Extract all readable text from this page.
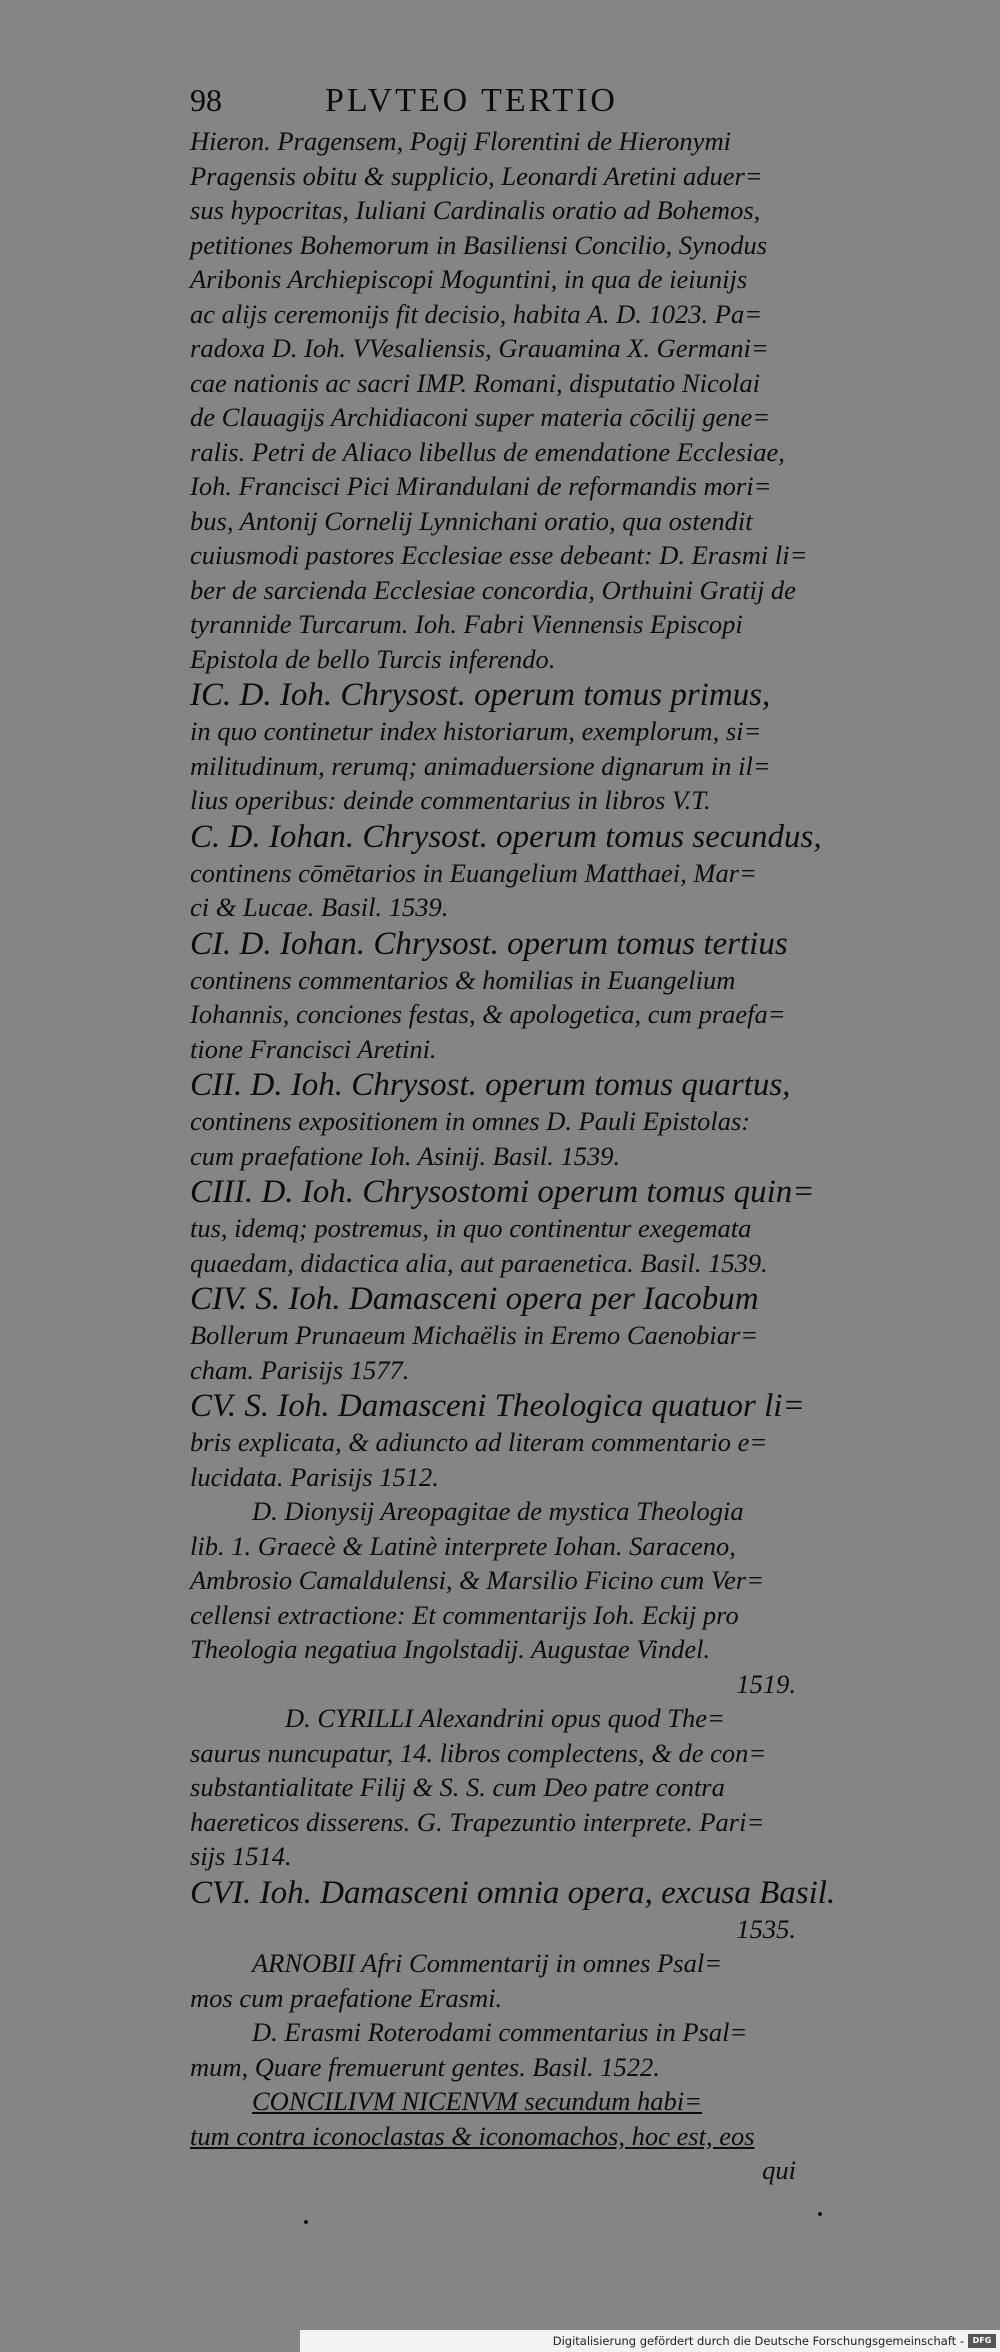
98	PLVTEO TERTIO
Hieron. Pragensem, Pogij Florentini de Hieronymi
Pragensis obitu & supplicio, Leonardi Aretini aduer=
sus hypocritas, Iuliani Cardinalis oratio ad Bohemos,
petitiones Bohemorum in Basiliensi Concilio, Synodus
Aribonis Archiepiscopi Moguntini, in qua de ieiunijs
ac alijs ceremonijs fit decisio, habita A. D. 1023. Pa=
radoxa D. Ioh. VVesaliensis, Grauamina X. Germani=
cae nationis ac sacri IMP. Romani, disputatio Nicolai
de Clauagijs Archidiaconi super materia cōcilij gene=
ralis. Petri de Aliaco libellus de emendatione Ecclesiae,
Ioh. Francisci Pici Mirandulani de reformandis mori=
bus, Antonij Cornelij Lynnichani oratio, qua ostendit
cuiusmodi pastores Ecclesiae esse debeant: D. Erasmi li=
ber de sarcienda Ecclesiae concordia, Orthuini Gratij de
tyrannide Turcarum. Ioh. Fabri Viennensis Episcopi
Epistola de bello Turcis inferendo.
IC. D. Ioh. Chrysost. operum tomus primus,
in quo continetur index historiarum, exemplorum, si=
militudinum, rerumq; animaduersione dignarum in il=
lius operibus: deinde commentarius in libros V.T.
C. D. Iohan. Chrysost. operum tomus secundus,
continens cōmētarios in Euangelium Matthaei, Mar=
ci & Lucae. Basil. 1539.
CI. D. Iohan. Chrysost. operum tomus tertius
continens commentarios & homilias in Euangelium
Iohannis, conciones festas, & apologetica, cum praefa=
tione Francisci Aretini.
CII. D. Ioh. Chrysost. operum tomus quartus,
continens expositionem in omnes D. Pauli Epistolas:
cum praefatione Ioh. Asinij. Basil. 1539.
CIII. D. Ioh. Chrysostomi operum tomus quin=
tus, idemq; postremus, in quo continentur exegemata
quaedam, didactica alia, aut paraenetica. Basil. 1539.
CIV. S. Ioh. Damasceni opera per Iacobum
Bollerum Prunaeum Michaëlis in Eremo Caenobiar=
cham. Parisijs 1577.
CV. S. Ioh. Damasceni Theologica quatuor li=
bris explicata, & adiuncto ad literam commentario e=
lucidata. Parisijs 1512.
D. Dionysij Areopagitae de mystica Theologia
lib. 1. Graecè & Latinè interprete Iohan. Saraceno,
Ambrosio Camaldulensi, & Marsilio Ficino cum Ver=
cellensi extractione: Et commentarijs Ioh. Eckij pro
Theologia negatiua Ingolstadij. Augustae Vindel.
1519.
D. CYRILLI Alexandrini opus quod The=
saurus nuncupatur, 14. libros complectens, & de con=
substantialitate Filij & S. S. cum Deo patre contra
haereticos disserens. G. Trapezuntio interprete. Pari=
sijs 1514.
CVI. Ioh. Damasceni omnia opera, excusa Basil.
1535.
ARNOBII Afri Commentarij in omnes Psal=
mos cum praefatione Erasmi.
D. Erasmi Roterodami commentarius in Psal=
mum, Quare fremuerunt gentes. Basil. 1522.
CONCILIVM NICENVM secundum habi=
tum contra iconoclastas & iconomachos, hoc est, eos
qui
Digitalisierung gefördert durch die Deutsche Forschungsgemeinschaft -	DFG
